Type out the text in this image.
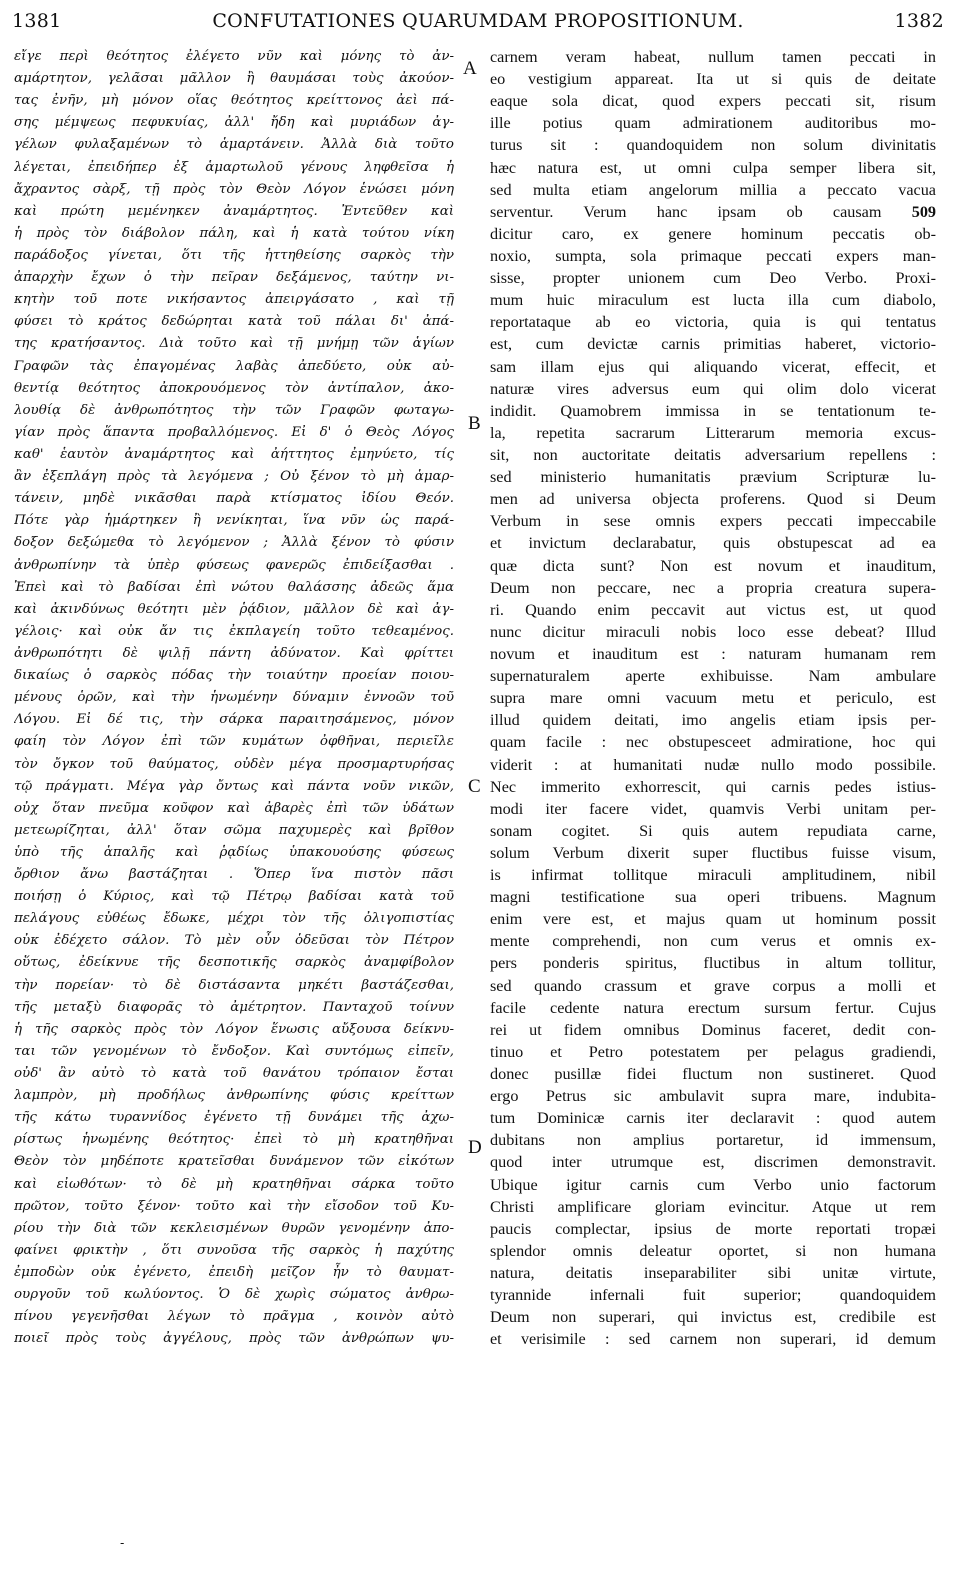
1381	CONFUTATIONES QUARUMDAM PROPOSITIONUM.	1382
εἴγε περὶ θεότητος ἐλέγετο νῦν καὶ μόνης τὸ ἀν-
αμάρτητον, γελᾶσαι μᾶλλον ἢ θαυμάσαι τοὺς ἀκούον-
τας ἐνῆν, μὴ μόνον οἵας θεότητος κρείττονος ἀεὶ πά-
σης μέμψεως πεφυκυίας, ἀλλ' ἤδη καὶ μυριάδων ἀγ-
γέλων φυλαξαμένων τὸ ἁμαρτάνειν. Ἀλλὰ διὰ τοῦτο
λέγεται, ἐπειδήπερ ἐξ ἁμαρτωλοῦ γένους ληφθεῖσα ἡ
ἄχραντος σὰρξ, τῇ πρὸς τὸν Θεὸν Λόγον ἑνώσει μόνη
καὶ πρώτη μεμένηκεν ἀναμάρτητος. Ἐντεῦθεν καὶ
ἡ πρὸς τὸν διάβολον πάλη, καὶ ἡ κατὰ τούτου νίκη
παράδοξος γίνεται, ὅτι τῆς ἡττηθείσης σαρκὸς τὴν
ἀπαρχὴν ἔχων ὁ τὴν πεῖραν δεξάμενος, ταύτην νι-
κητὴν τοῦ ποτε νικήσαντος ἀπειργάσατο , καὶ τῇ
φύσει τὸ κράτος δεδώρηται κατὰ τοῦ πάλαι δι' ἀπά-
της κρατήσαντος. Διὰ τοῦτο καὶ τῇ μνήμῃ τῶν ἁγίων
Γραφῶν τὰς ἐπαγομένας λαβὰς ἀπεδύετο, οὐκ αὐ-
θεντίᾳ θεότητος ἀποκρουόμενος τὸν ἀντίπαλον, ἀκο-
λουθίᾳ δὲ ἀνθρωπότητος τὴν τῶν Γραφῶν φωταγω-
γίαν πρὸς ἅπαντα προβαλλόμενος. Εἰ δ' ὁ Θεὸς Λόγος
καθ' ἑαυτὸν ἀναμάρτητος καὶ ἀήττητος ἐμηνύετο, τίς
ἂν ἐξεπλάγη πρὸς τὰ λεγόμενα ; Οὐ ξένον τὸ μὴ ἁμαρ-
τάνειν, μηδὲ νικᾶσθαι παρὰ κτίσματος ἰδίου Θεόν.
Πότε γὰρ ἡμάρτηκεν ἢ νενίκηται, ἵνα νῦν ὡς παρά-
δοξον δεξώμεθα τὸ λεγόμενον ; Ἀλλὰ ξένον τὸ φύσιν
ἀνθρωπίνην τὰ ὑπὲρ φύσεως φανερῶς ἐπιδείξασθαι .
Ἐπεὶ καὶ τὸ βαδίσαι ἐπὶ νώτου θαλάσσης ἀδεῶς ἅμα
καὶ ἀκινδύνως θεότητι μὲν ῥᾴδιον, μᾶλλον δὲ καὶ ἀγ-
γέλοις· καὶ οὐκ ἄν τις ἐκπλαγείη τοῦτο τεθεαμένος.
ἀνθρωπότητι δὲ ψιλῇ πάντη ἀδύνατον. Καὶ φρίττει
δικαίως ὁ σαρκὸς πόδας τὴν τοιαύτην προείαν ποιου-
μένους ὁρῶν, καὶ τὴν ἡνωμένην δύναμιν ἐννοῶν τοῦ
Λόγου. Εἰ δέ τις, τὴν σάρκα παραιτησάμενος, μόνον
φαίη τὸν Λόγον ἐπὶ τῶν κυμάτων ὀφθῆναι, περιεῖλε
τὸν ὄγκον τοῦ θαύματος, οὐδὲν μέγα προσμαρτυρήσας
τῷ πράγματι. Μέγα γὰρ ὄντως καὶ πάντα νοῦν νικῶν,
οὐχ ὅταν πνεῦμα κοῦφον καὶ ἀβαρὲς ἐπὶ τῶν ὑδάτων
μετεωρίζηται, ἀλλ' ὅταν σῶμα παχυμερὲς καὶ βρῖθον
ὑπὸ τῆς ἁπαλῆς καὶ ῥᾳδίως ὑπακουούσης φύσεως
ὄρθιον ἄνω βαστάζηται . Ὅπερ ἵνα πιστὸν πᾶσι
ποιήσῃ ὁ Κύριος, καὶ τῷ Πέτρῳ βαδίσαι κατὰ τοῦ
πελάγους εὐθέως ἔδωκε, μέχρι τὸν τῆς ὀλιγοπιστίας
οὐκ ἐδέχετο σάλον. Τὸ μὲν οὖν ὁδεῦσαι τὸν Πέτρον
οὕτως, ἐδείκνυε τῆς δεσποτικῆς σαρκὸς ἀναμφίβολον
τὴν πορείαν· τὸ δὲ διστάσαντα μηκέτι βαστάζεσθαι,
τῆς μεταξὺ διαφορᾶς τὸ ἀμέτρητον. Πανταχοῦ τοίνυν
ἡ τῆς σαρκὸς πρὸς τὸν Λόγον ἕνωσις αὔξουσα δείκνυ-
ται τῶν γενομένων τὸ ἔνδοξον. Καὶ συντόμως εἰπεῖν,
οὐδ' ἂν αὐτὸ τὸ κατὰ τοῦ θανάτου τρόπαιον ἔσται
λαμπρὸν, μὴ προδήλως ἀνθρωπίνης φύσις κρείττων
τῆς κάτω τυραννίδος ἐγένετο τῇ δυνάμει τῆς ἀχω-
ρίστως ἡνωμένης θεότητος· ἐπεὶ τὸ μὴ κρατηθῆναι
Θεὸν τὸν μηδέποτε κρατεῖσθαι δυνάμενον τῶν εἰκότων
καὶ εἰωθότων· τὸ δὲ μὴ κρατηθῆναι σάρκα τοῦτο
πρῶτον, τοῦτο ξένον· τοῦτο καὶ τὴν εἴσοδον τοῦ Κυ-
ρίου τὴν διὰ τῶν κεκλεισμένων θυρῶν γενομένην ἀπο-
φαίνει φρικτὴν , ὅτι συνοῦσα τῆς σαρκὸς ἡ παχύτης
ἐμποδὼν οὐκ ἐγένετο, ἐπειδὴ μεῖζον ἦν τὸ θαυματ-
ουργοῦν τοῦ κωλύοντος. Ὁ δὲ χωρὶς σώματος ἀνθρω-
πίνου γεγενῆσθαι λέγων τὸ πρᾶγμα , κοινὸν αὐτὸ
ποιεῖ πρὸς τοὺς ἀγγέλους, πρὸς τῶν ἀνθρώπων ψυ-
carnem veram habeat, nullum tamen peccati in
eo vestigium appareat. Ita ut si quis de deitate
eaque sola dicat, quod expers peccati sit, risum
ille potius quam admirationem auditoribus mo-
turus sit : quandoquidem non solum divinitatis
hæc natura est, ut omni culpa semper libera sit,
sed multa etiam angelorum millia a peccato vacua
serventur. Verum hanc ipsam ob causam 509
dicitur caro, ex genere hominum peccatis ob-
noxio, sumpta, sola primaque peccati expers man-
sisse, propter unionem cum Deo Verbo. Proxi-
mum huic miraculum est lucta illa cum diabolo,
reportataque ab eo victoria, quia is qui tentatus
est, cum devictæ carnis primitias haberet, victorio-
sam illam ejus qui aliquando vicerat, effecit, et
naturæ vires adversus eum qui olim dolo vicerat
indidit. Quamobrem immissa in se tentationum te-
la, repetita sacrarum Litterarum memoria excus-
sit, non auctoritate deitatis adversarium repellens :
sed ministerio humanitatis prævium Scripturæ lu-
men ad universa objecta proferens. Quod si Deum
Verbum in sese omnis expers peccati impeccabile
et invictum declarabatur, quis obstupescat ad ea
quæ dicta sunt? Non est novum et inauditum,
Deum non peccare, nec a propria creatura supera-
ri. Quando enim peccavit aut victus est, ut quod
nunc dicitur miraculi nobis loco esse debeat? Illud
novum et inauditum est : naturam humanam rem
supernaturalem aperte exhibuisse. Nam ambulare
supra mare omni vacuum metu et periculo, est
illud quidem deitati, imo angelis etiam ipsis per-
quam facile : nec obstupesceet admiratione, hoc qui
viderit : at humanitati nudæ nullo modo possibile.
Nec immerito exhorrescit, qui carnis pedes istius-
modi iter facere videt, quamvis Verbi unitam per-
sonam cogitet. Si quis autem repudiata carne,
solum Verbum dixerit super fluctibus fuisse visum,
is infirmat tollitque miraculi amplitudinem, nibil
magni testificatione sua operi tribuens. Magnum
enim vere est, et majus quam ut hominum possit
mente comprehendi, non cum verus et omnis ex-
pers ponderis spiritus, fluctibus in altum tollitur,
sed quando crassum et grave corpus a molli et
facile cedente natura erectum sursum fertur. Cujus
rei ut fidem omnibus Dominus faceret, dedit con-
tinuo et Petro potestatem per pelagus gradiendi,
donec pusillæ fidei fluctum non sustineret. Quod
ergo Petrus sic ambulavit supra mare, indubita-
tum Dominicæ carnis iter declaravit : quod autem
dubitans non amplius portaretur, id immensum,
quod inter utrumque est, discrimen demonstravit.
Ubique igitur carnis cum Verbo unio factorum
Christi amplificare gloriam evincitur. Atque ut rem
paucis complectar, ipsius de morte reportati tropæi
splendor omnis deleatur oportet, si non humana
natura, deitatis inseparabiliter sibi unitæ virtute,
tyrannide infernali fuit superior; quandoquidem
Deum non superari, qui invictus est, credibile est
et verisimile : sed carnem non superari, id demum
A
B
C
D
-
